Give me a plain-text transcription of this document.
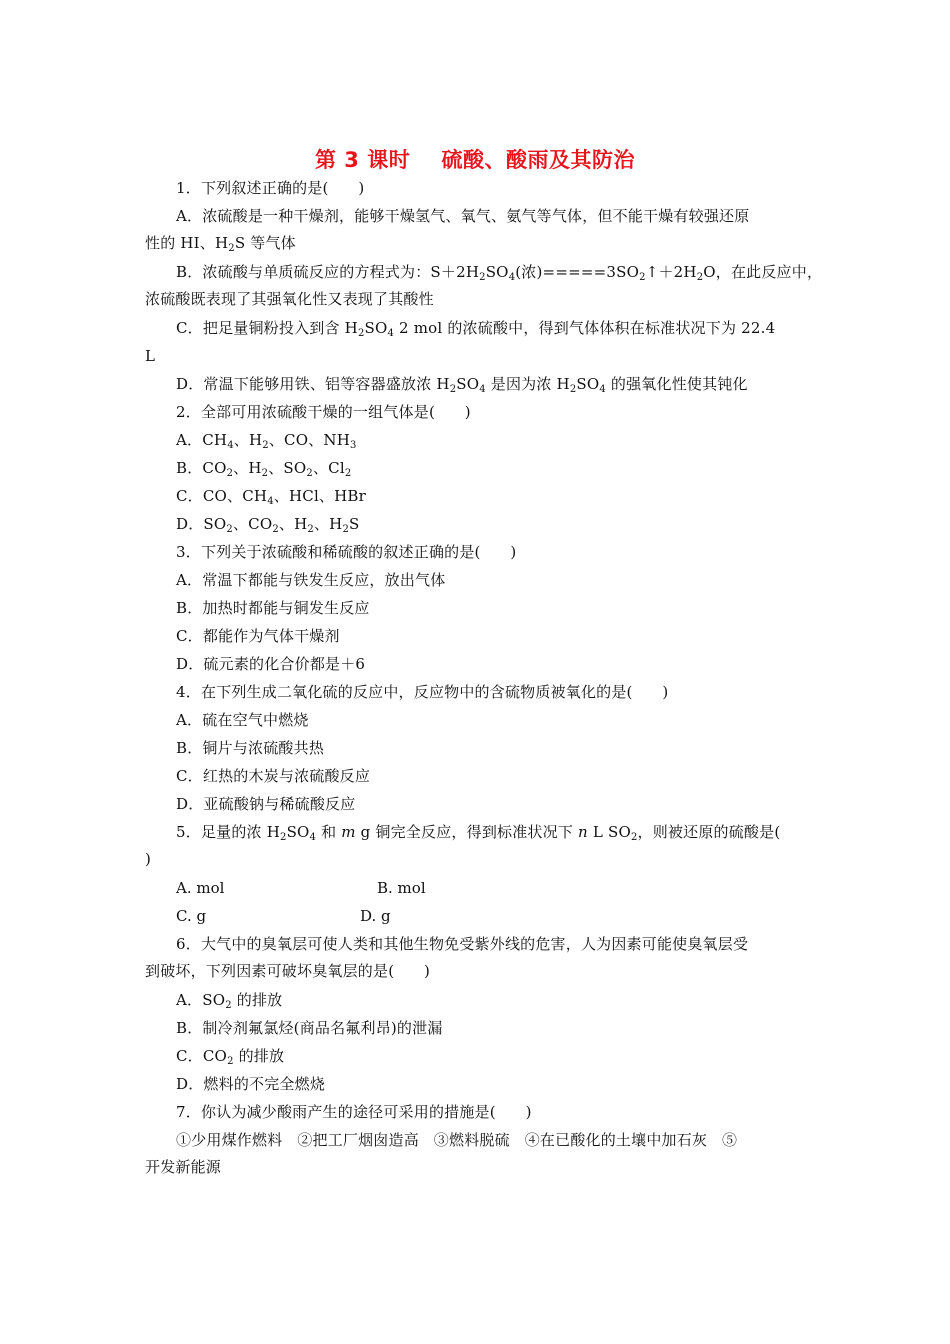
第 3 课时    硫酸、酸雨及其防治
1．下列叙述正确的是(      )
A．浓硫酸是一种干燥剂，能够干燥氢气、氧气、氨气等气体，但不能干燥有较强还原
性的 HI、$H_2S$ 等气体
B．浓硫酸与单质硫反应的方程式为：$S+2H_2SO_4$(浓)$=====3SO_2↑+2H_2O$，在此反应中，
浓硫酸既表现了其强氧化性又表现了其酸性
C．把足量铜粉投入到含 $H_2SO_4$ 2 mol 的浓硫酸中，得到气体体积在标准状况下为 22.4
L
D．常温下能够用铁、铝等容器盛放浓 $H_2SO_4$ 是因为浓 $H_2SO_4$ 的强氧化性使其钝化
2．全部可用浓硫酸干燥的一组气体是(      )
A．$CH_4$、$H_2$、CO、$NH_3$
B．$CO_2$、$H_2$、$SO_2$、$Cl_2$
C．CO、$CH_4$、HCl、HBr
D．$SO_2$、$CO_2$、$H_2$、$H_2S$
3．下列关于浓硫酸和稀硫酸的叙述正确的是(      )
A．常温下都能与铁发生反应，放出气体
B．加热时都能与铜发生反应
C．都能作为气体干燥剂
D．硫元素的化合价都是＋6
4．在下列生成二氧化硫的反应中，反应物中的含硫物质被氧化的是(      )
A．硫在空气中燃烧
B．铜片与浓硫酸共热
C．红热的木炭与浓硫酸反应
D．亚硫酸钠与稀硫酸反应
5．足量的浓 $H_2SO_4$ 和 m g 铜完全反应，得到标准状况下 n L $SO_2$，则被还原的硫酸是(
)
A. mol	B. mol
C. g	D. g
6．大气中的臭氧层可使人类和其他生物免受紫外线的危害，人为因素可能使臭氧层受
到破坏，下列因素可破坏臭氧层的是(      )
A．$SO_2$ 的排放
B．制冷剂氟氯烃(商品名氟利昂)的泄漏
C．$CO_2$ 的排放
D．燃料的不完全燃烧
7．你认为减少酸雨产生的途径可采用的措施是(      )
①少用煤作燃料   ②把工厂烟囱造高   ③燃料脱硫   ④在已酸化的土壤中加石灰   ⑤
开发新能源
